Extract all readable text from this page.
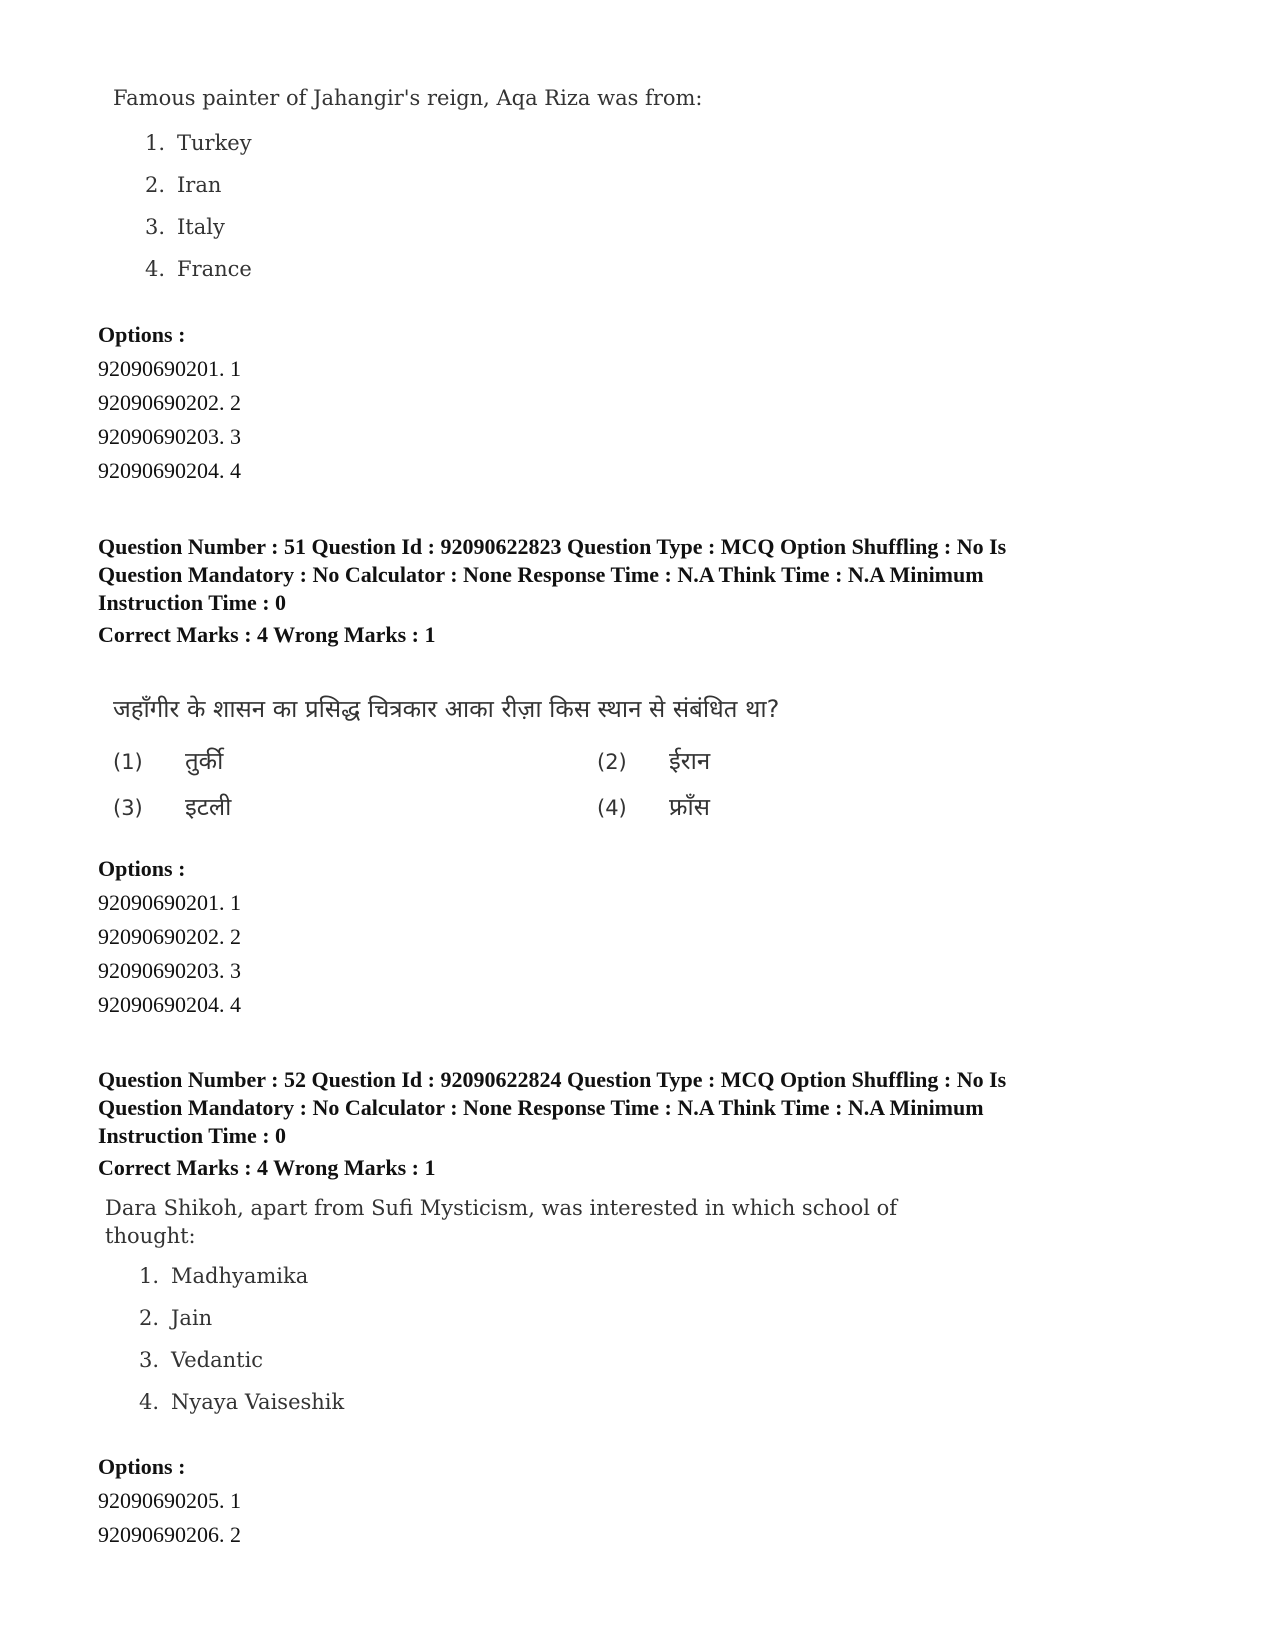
Famous painter of Jahangir's reign, Aqa Riza was from:
1. Turkey
2. Iran
3. Italy
4. France
Options :
92090690201. 1
92090690202. 2
92090690203. 3
92090690204. 4
Question Number : 51 Question Id : 92090622823 Question Type : MCQ Option Shuffling : No Is
Question Mandatory : No Calculator : None Response Time : N.A Think Time : N.A Minimum
Instruction Time : 0
Correct Marks : 4 Wrong Marks : 1
जहाँगीर के शासन का प्रसिद्ध चित्रकार आका रीज़ा किस स्थान से संबंधित था?
(1) तुर्की	(2) ईरान
(3) इटली	(4) फ्राँस
Options :
92090690201. 1
92090690202. 2
92090690203. 3
92090690204. 4
Question Number : 52 Question Id : 92090622824 Question Type : MCQ Option Shuffling : No Is
Question Mandatory : No Calculator : None Response Time : N.A Think Time : N.A Minimum
Instruction Time : 0
Correct Marks : 4 Wrong Marks : 1
Dara Shikoh, apart from Sufi Mysticism, was interested in which school of
thought:
1. Madhyamika
2. Jain
3. Vedantic
4. Nyaya Vaiseshik
Options :
92090690205. 1
92090690206. 2
